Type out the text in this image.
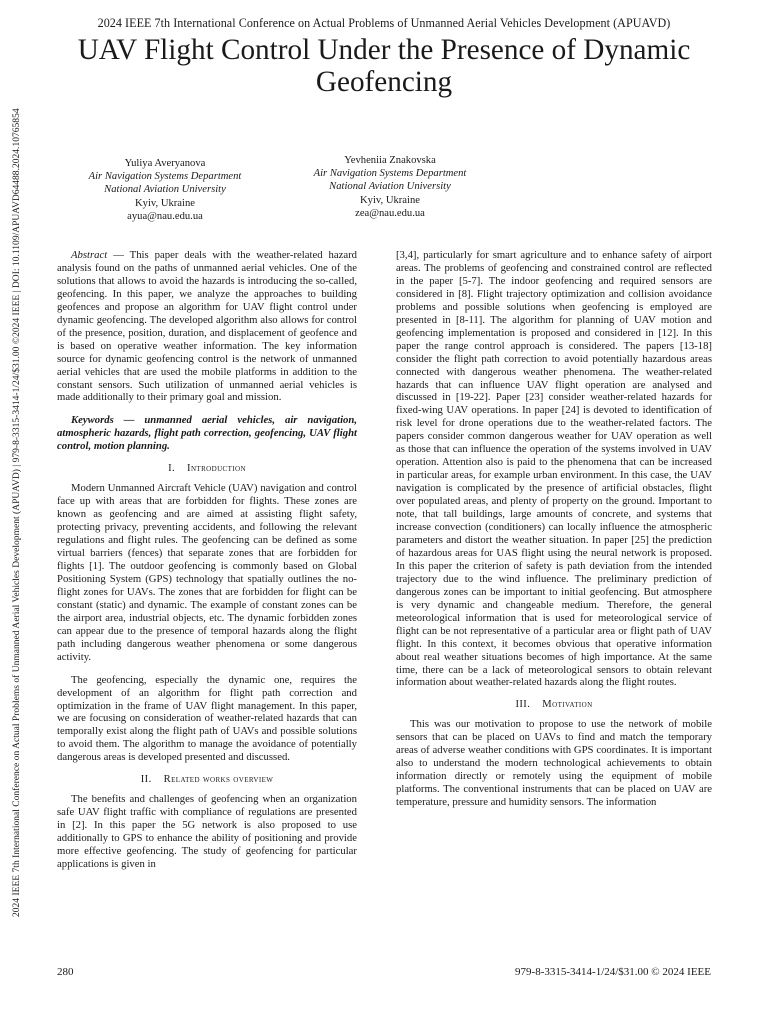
2024 IEEE 7th International Conference on Actual Problems of Unmanned Aerial Vehicles Development (APUAVD)
UAV Flight Control Under the Presence of Dynamic Geofencing
2024 IEEE 7th International Conference on Actual Problems of Unmanned Aerial Vehicles Development (APUAVD) | 979-8-3315-3414-1/24/$31.00 ©2024 IEEE | DOI: 10.1109/APUAVD64488.2024.10765854	Yuliya Averyanova
Air Navigation Systems Department
National Aviation University
Kyiv, Ukraine
ayua@nau.edu.ua
Yevheniia Znakovska
Air Navigation Systems Department
National Aviation University
Kyiv, Ukraine
zea@nau.edu.ua

Abstract — This paper deals with the weather-related hazard analysis found on the paths of unmanned aerial vehicles. One of the solutions that allows to avoid the hazards is introducing the so-called, geofencing. In this paper, we analyze the approaches to building geofences and propose an algorithm for UAV flight control under dynamic geofencing. The developed algorithm also allows for control of the presence, position, duration, and displacement of geofence and is based on operative weather information. The key information source for dynamic geofencing control is the network of unmanned aerial vehicles that are used the mobile platforms in addition to the constant sensors. Such utilization of unmanned aerial vehicles is made additionally to their primary goal and mission.

Keywords — unmanned aerial vehicles, air navigation, atmospheric hazards, flight path correction, geofencing, UAV flight control, motion planning.

I. Introduction

Modern Unmanned Aircraft Vehicle (UAV) navigation and control face up with areas that are forbidden for flights. These zones are known as geofencing and are aimed at assisting flight safety, protecting privacy, preventing accidents, and following the relevant regulations and flight rules. The geofencing can be defined as some virtual barriers (fences) that separate zones that are forbidden for flights [1]. The outdoor geofencing is commonly based on Global Positioning System (GPS) technology that spatially outlines the no-flight zones for UAVs. The zones that are forbidden for flight can be constant (static) and dynamic. The example of constant zones can be the airport area, industrial objects, etc. The dynamic forbidden zones can appear due to the presence of temporal hazards along the flight path including dangerous weather phenomena or some dangerous activity.

The geofencing, especially the dynamic one, requires the development of an algorithm for flight path correction and optimization in the frame of UAV flight management. In this paper, we are focusing on consideration of weather-related hazards that can temporally exist along the flight path of UAVs and possible solutions to avoid them. The algorithm to manage the avoidance of potentially dangerous areas is developed presented and discussed.

II. Related works overview

The benefits and challenges of geofencing when an organization safe UAV flight traffic with compliance of regulations are presented in [2]. In this paper the 5G network is also proposed to use additionally to GPS to enhance the ability of positioning and provide more effective geofencing. The study of geofencing for particular applications is given in

[3,4], particularly for smart agriculture and to enhance safety of airport areas. The problems of geofencing and constrained control are reflected in the paper [5-7]. The indoor geofencing and required sensors are considered in [8]. Flight trajectory optimization and collision avoidance problems and possible solutions when geofencing is employed are presented in [8-11]. The algorithm for planning of UAV motion and geofencing implementation is proposed and considered in [12]. In this paper the range control approach is considered. The papers [13-18] consider the flight path correction to avoid potentially hazardous areas connected with dangerous weather phenomena. The weather-related hazards that can influence UAV flight operation are analysed and discussed in [19-22]. Paper [23] consider weather-related hazards for fixed-wing UAV operations. In paper [24] is devoted to identification of risk level for drone operations due to the weather-related factors. The papers consider common dangerous weather for UAV operation as well as those that can influence the operation of the systems involved in UAV operation. Attention also is paid to the phenomena that can be increased in particular areas, for example urban environment. In this case, the UAV navigation is complicated by the presence of artificial obstacles, flight over populated areas, and plenty of property on the ground. Important to note, that tall buildings, large amounts of concrete, and systems that increase convection (conditioners) can locally influence the atmospheric parameters and distort the weather situation. In paper [25] the prediction of hazardous areas for UAS flight using the neural network is proposed. In this paper the criterion of safety is path deviation from the intended trajectory due to the wind influence. The preliminary prediction of dangerous zones can be important to initial geofencing. But atmosphere is very dynamic and changeable medium. Therefore, the general meteorological information that is used for meteorological service of flight can be not representative of a particular area or flight path of UAV flight. In this context, it becomes obvious that operative information about real weather situations becomes of high importance. At the same time, there can be a lack of meteorological sensors to obtain relevant information about weather-related hazards along the flight routes.

III. Motivation

This was our motivation to propose to use the network of mobile sensors that can be placed on UAVs to find and match the temporary areas of adverse weather conditions with GPS coordinates. It is important also to understand the modern technological achievements to obtain information directly or remotely using the equipment of mobile platforms. The conventional instruments that can be placed on UAV are temperature, pressure and humidity sensors. The information

280	979-8-3315-3414-1/24/$31.00 © 2024 IEEE
